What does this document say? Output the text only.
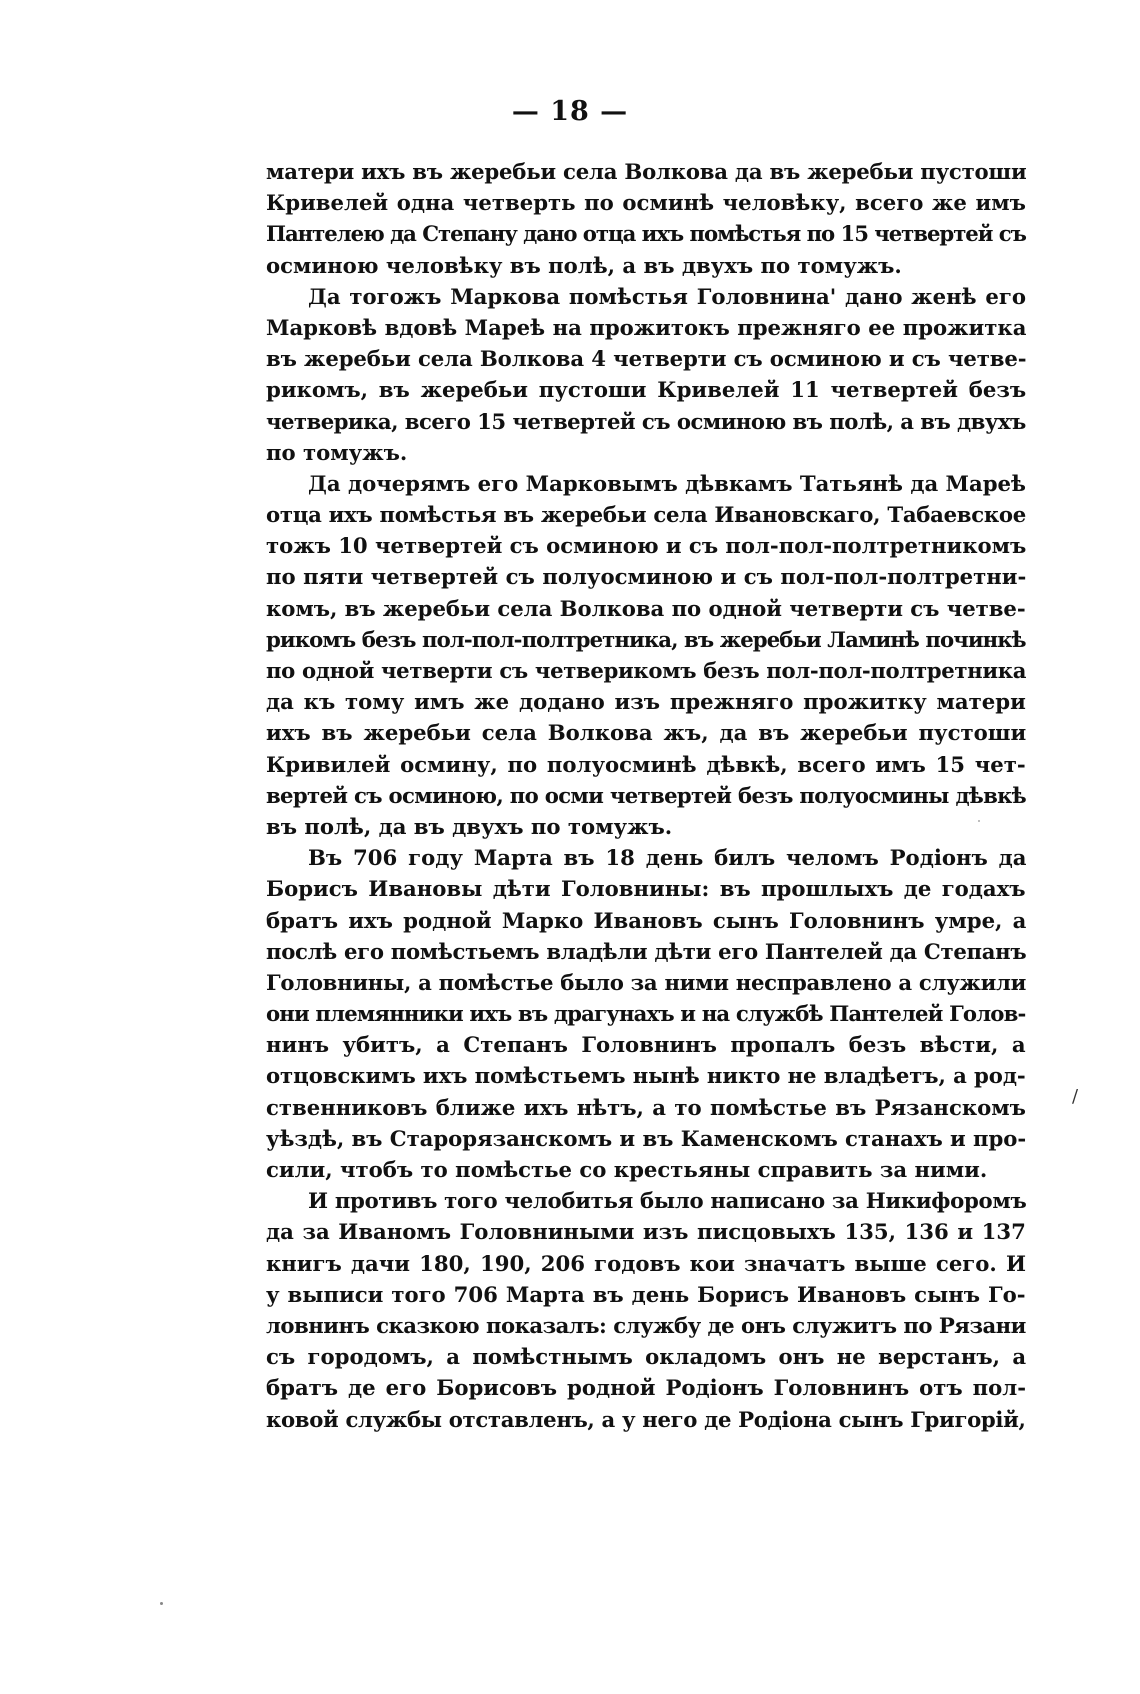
— 18 —
матери ихъ въ жеребьи села Волкова да въ жеребьи пустоши
Кривелей одна четверть по осминѣ человѣку, всего же имъ
Пантелею да Степану дано отца ихъ помѣстья по 15 четвертей съ
осминою человѣку въ полѣ, а въ двухъ по томужъ.
Да тогожъ Маркова помѣстья Головнина' дано женѣ его
Марковѣ вдовѣ Мареѣ на прожитокъ прежняго ее прожитка
въ жеребьи села Волкова 4 четверти съ осминою и съ четве-
рикомъ, въ жеребьи пустоши Кривелей 11 четвертей безъ
четверика, всего 15 четвертей съ осминою въ полѣ, а въ двухъ
по томужъ.
Да дочерямъ его Марковымъ дѣвкамъ Татьянѣ да Мареѣ
отца ихъ помѣстья въ жеребьи села Ивановскаго, Табаевское
тожъ 10 четвертей съ осминою и съ пол-пол-полтретникомъ
по пяти четвертей съ полуосминою и съ пол-пол-полтретни-
комъ, въ жеребьи села Волкова по одной четверти съ четве-
рикомъ безъ пол-пол-полтретника, въ жеребьи Ламинѣ починкѣ
по одной четверти съ четверикомъ безъ пол-пол-полтретника
да къ тому имъ же додано изъ прежняго прожитку матери
ихъ въ жеребьи села Волкова жъ, да въ жеребьи пустоши
Кривилей осмину, по полуосминѣ дѣвкѣ, всего имъ 15 чет-
вертей съ осминою, по осми четвертей безъ полуосмины дѣвкѣ
въ полѣ, да въ двухъ по томужъ.
Въ 706 году Марта въ 18 день билъ челомъ Родіонъ да
Борисъ Ивановы дѣти Головнины: въ прошлыхъ де годахъ
братъ ихъ родной Марко Ивановъ сынъ Головнинъ умре, а
послѣ его помѣстьемъ владѣли дѣти его Пантелей да Степанъ
Головнины, а помѣстье было за ними несправлено а служили
они племянники ихъ въ драгунахъ и на службѣ Пантелей Голов-
нинъ убитъ, а Степанъ Головнинъ пропалъ безъ вѣсти, а
отцовскимъ ихъ помѣстьемъ нынѣ никто не владѣетъ, а род-
ственниковъ ближе ихъ нѣтъ, а то помѣстье въ Рязанскомъ
уѣздѣ, въ Старорязанскомъ и въ Каменскомъ станахъ и про-
сили, чтобъ то помѣстье со крестьяны справить за ними.
И противъ того челобитья было написано за Никифоромъ
да за Иваномъ Головниными изъ писцовыхъ 135, 136 и 137
книгъ дачи 180, 190, 206 годовъ кои значатъ выше сего. И
у выписи того 706 Марта въ день Борисъ Ивановъ сынъ Го-
ловнинъ сказкою показалъ: службу де онъ служитъ по Рязани
съ городомъ, а помѣстнымъ окладомъ онъ не верстанъ, а
братъ де его Борисовъ родной Родіонъ Головнинъ отъ пол-
ковой службы отставленъ, а у него де Родіона сынъ Григорій,
/
